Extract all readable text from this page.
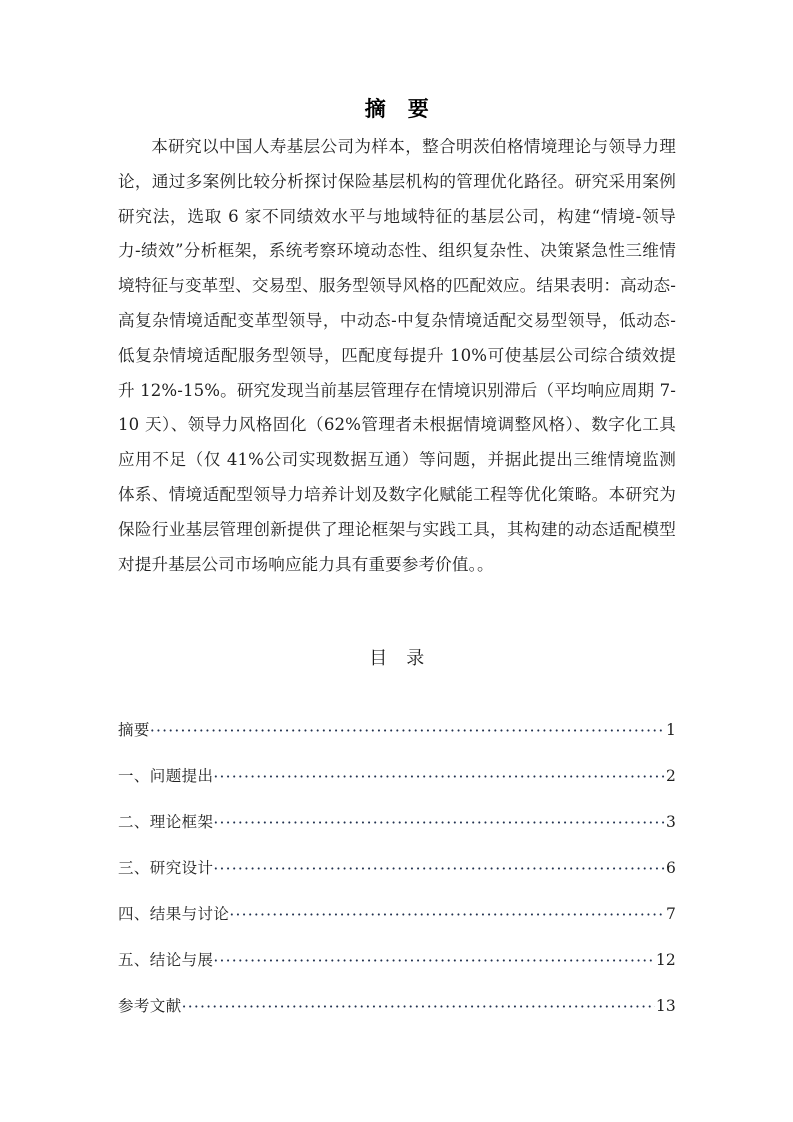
摘　要

本研究以中国人寿基层公司为样本，整合明茨伯格情境理论与领导力理论，通过多案例比较分析探讨保险基层机构的管理优化路径。研究采用案例研究法，选取 6 家不同绩效水平与地域特征的基层公司，构建“情境-领导力-绩效”分析框架，系统考察环境动态性、组织复杂性、决策紧急性三维情境特征与变革型、交易型、服务型领导风格的匹配效应。结果表明：高动态-高复杂情境适配变革型领导，中动态-中复杂情境适配交易型领导，低动态-低复杂情境适配服务型领导，匹配度每提升 10%可使基层公司综合绩效提升 12%-15%。研究发现当前基层管理存在情境识别滞后（平均响应周期 7-10 天）、领导力风格固化（62%管理者未根据情境调整风格）、数字化工具应用不足（仅 41%公司实现数据互通）等问题，并据此提出三维情境监测体系、情境适配型领导力培养计划及数字化赋能工程等优化策略。本研究为保险行业基层管理创新提供了理论框架与实践工具，其构建的动态适配模型对提升基层公司市场响应能力具有重要参考价值。。

目　录
摘要 ·····	1
一、问题提出 ·····	2
二、理论框架 ·····	3
三、研究设计 ·····	6
四、结果与讨论 ·····	7
五、结论与展 ·····	12
参考文献 ·····	13
